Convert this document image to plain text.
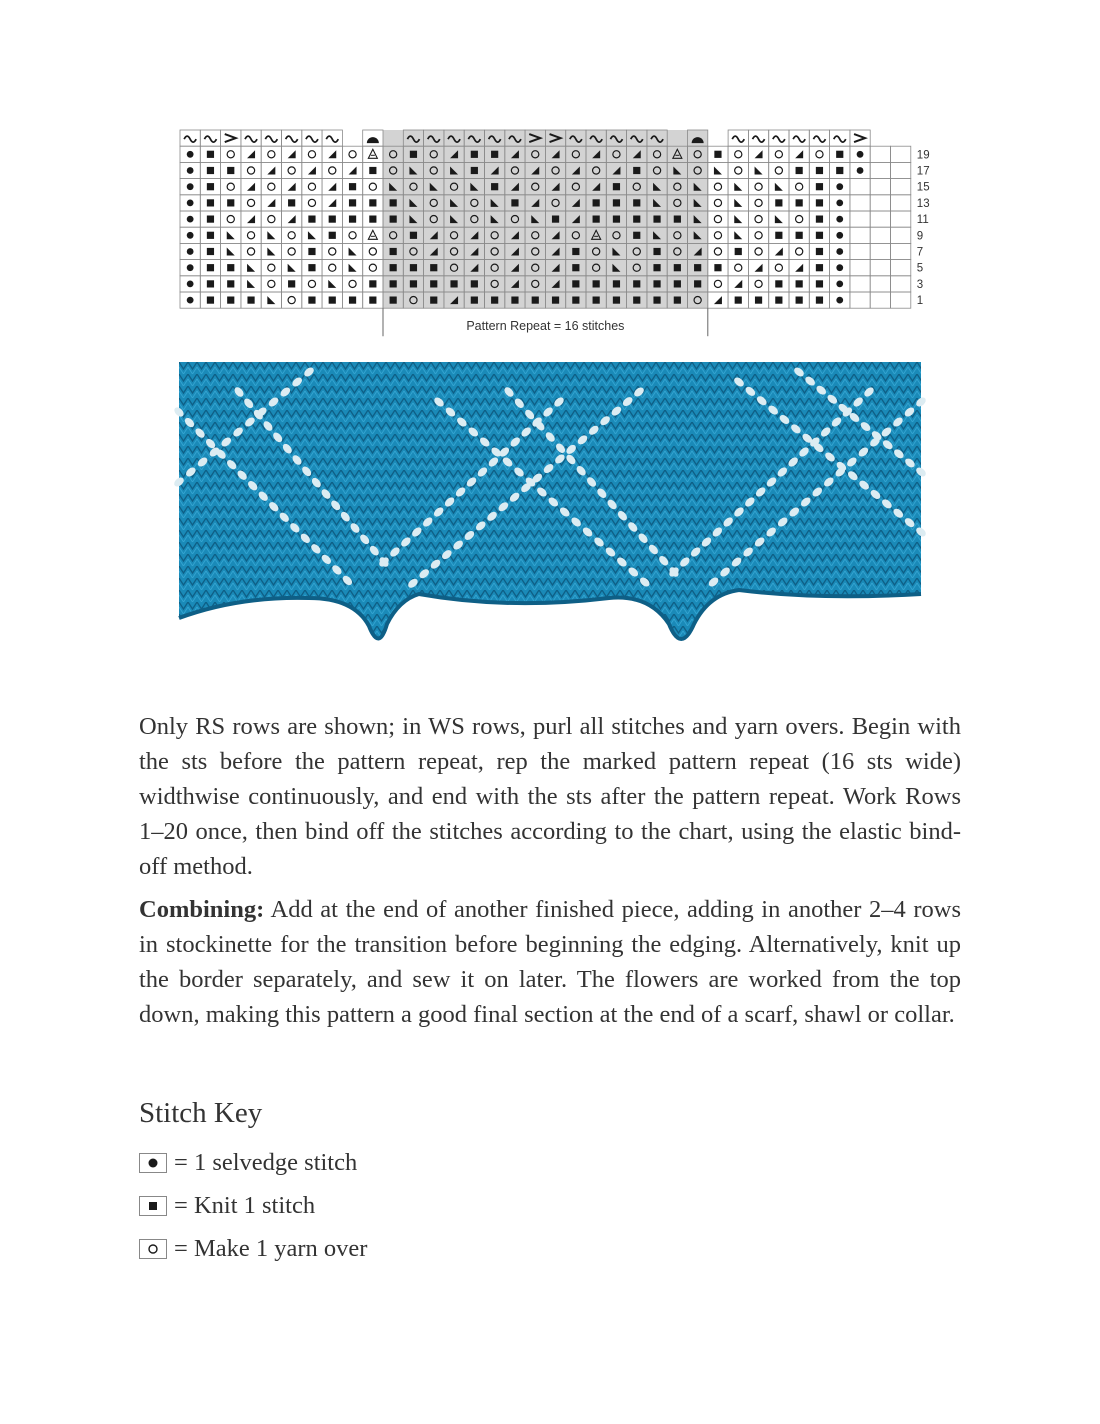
19
17
15
13
11
9
7
5
3
1
Pattern Repeat = 16 stitches

Only RS rows are shown; in WS rows, purl all stitches and yarn overs. Begin with the sts before the pattern repeat, rep the marked pattern repeat (16 sts wide) widthwise continuously, and end with the sts after the pattern repeat. Work Rows 1–20 once, then bind off the stitches according to the chart, using the elastic bind-off method.

Combining: Add at the end of another finished piece, adding in another 2–4 rows in stockinette for the transition before beginning the edging. Alternatively, knit up the border separately, and sew it on later. The flowers are worked from the top down, making this pattern a good final section at the end of a scarf, shawl or collar.

Stitch Key
= 1 selvedge stitch
= Knit 1 stitch
= Make 1 yarn over
